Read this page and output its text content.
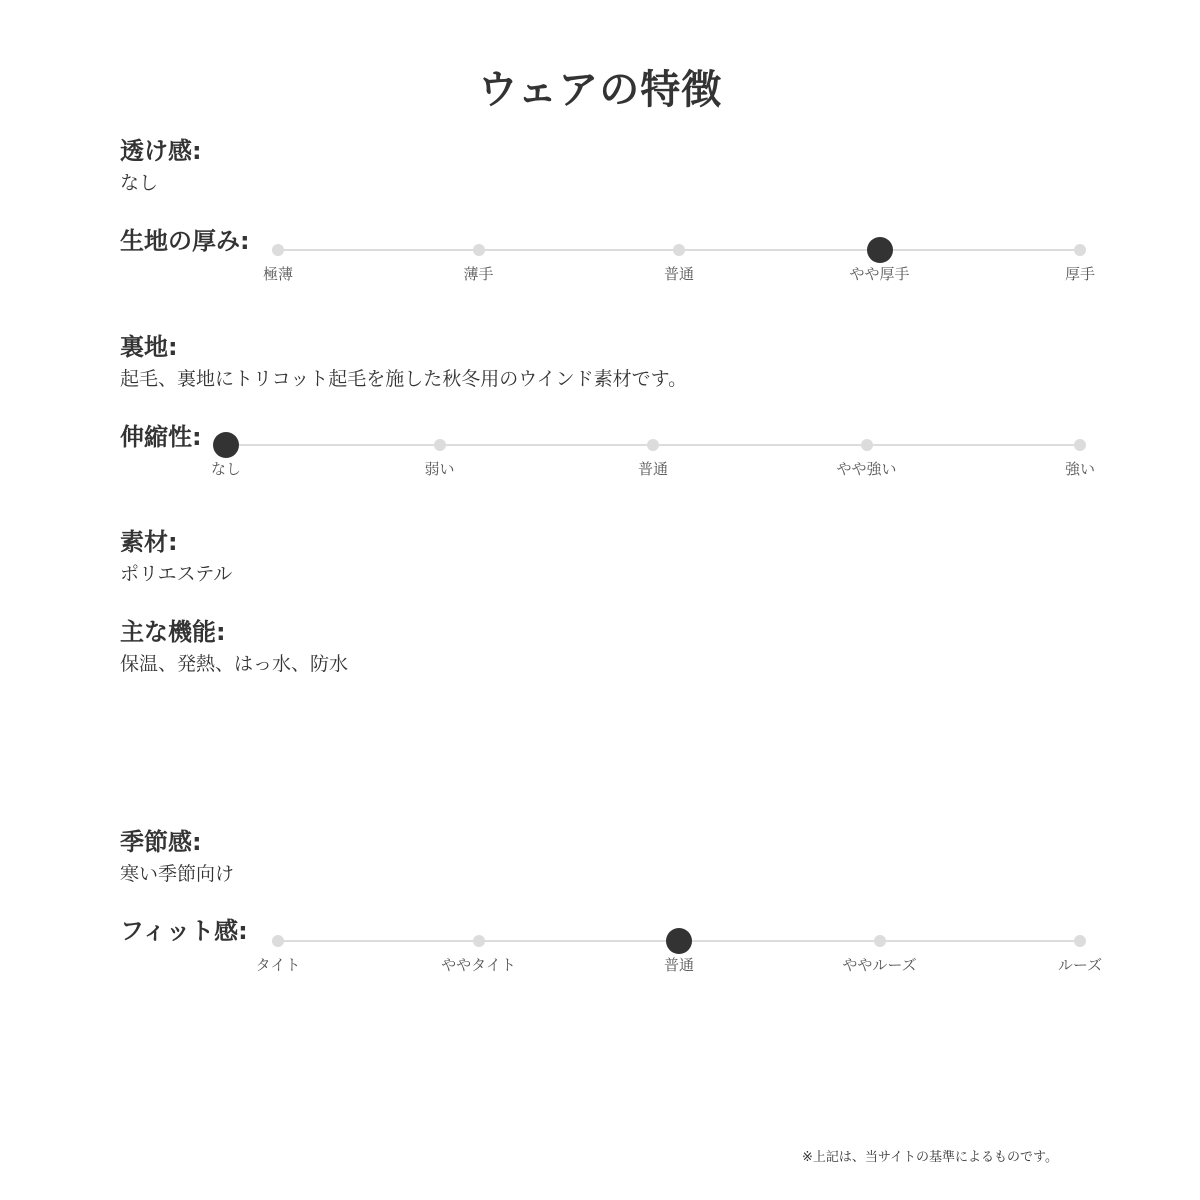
ウェアの特徴
透け感:
なし
生地の厚み:
極薄	薄手	普通	やや厚手	厚手
裏地:
起毛、裏地にトリコット起毛を施した秋冬用のウインド素材です。
伸縮性:
なし	弱い	普通	やや強い	強い
素材:
ポリエステル
主な機能:
保温、発熱、はっ水、防水
季節感:
寒い季節向け
フィット感:
タイト	ややタイト	普通	ややルーズ	ルーズ
※上記は、当サイトの基準によるものです。
